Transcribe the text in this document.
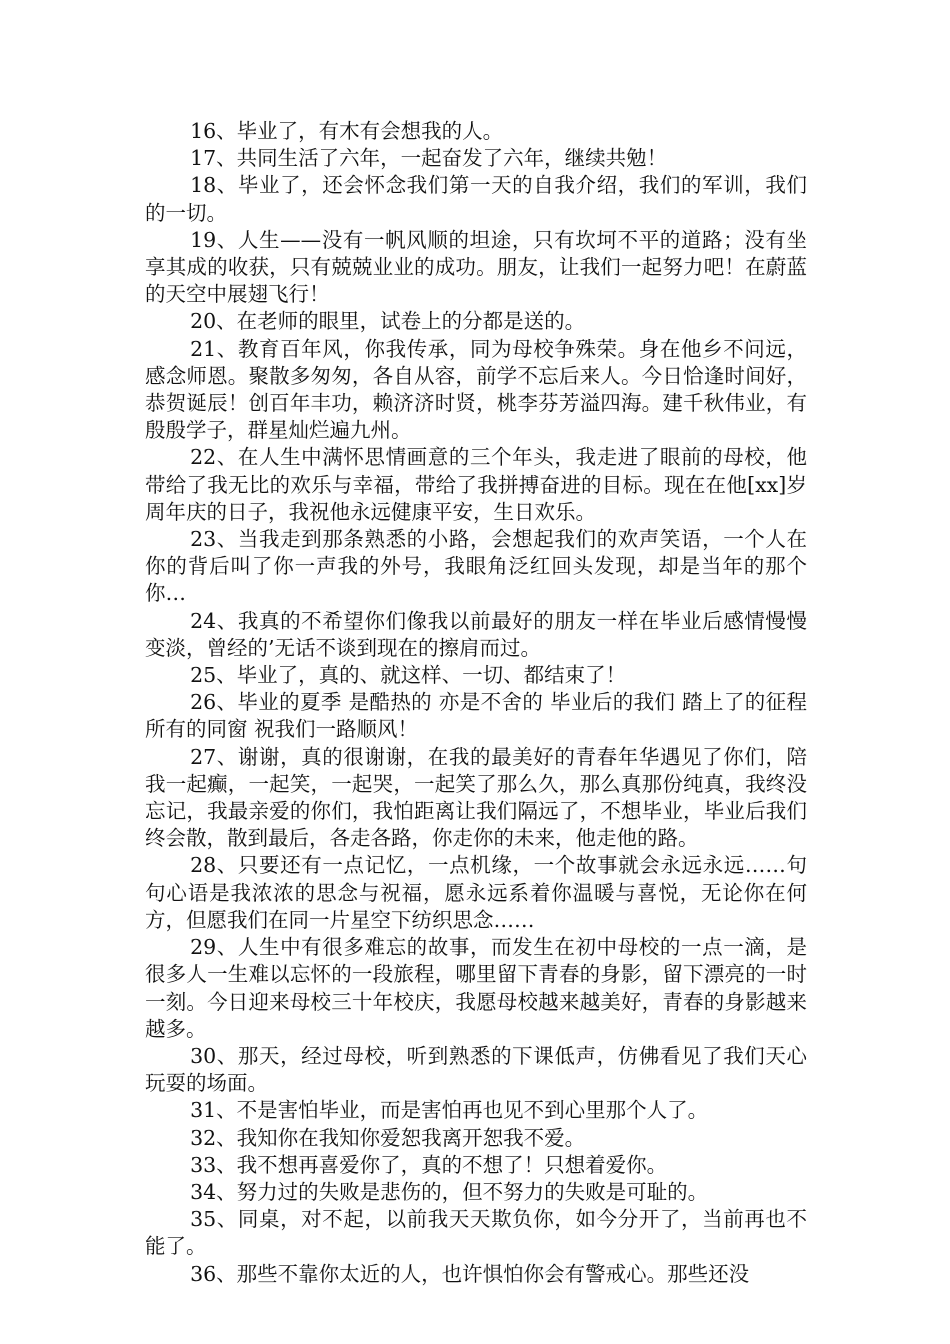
16、毕业了，有木有会想我的人。

17、共同生活了六年，一起奋发了六年，继续共勉！

18、毕业了，还会怀念我们第一天的自我介绍，我们的军训，我们的一切。

19、人生——没有一帆风顺的坦途，只有坎坷不平的道路；没有坐享其成的收获，只有兢兢业业的成功。朋友，让我们一起努力吧！在蔚蓝的天空中展翅飞行！

20、在老师的眼里，试卷上的分都是送的。

21、教育百年风，你我传承，同为母校争殊荣。身在他乡不问远，感念师恩。聚散多匆匆，各自从容，前学不忘后来人。今日恰逢时间好，恭贺诞辰！创百年丰功，赖济济时贤，桃李芬芳溢四海。建千秋伟业，有殷殷学子，群星灿烂遍九州。

22、在人生中满怀思情画意的三个年头，我走进了眼前的母校，他带给了我无比的欢乐与幸福，带给了我拼搏奋进的目标。现在在他[xx]岁周年庆的日子，我祝他永远健康平安，生日欢乐。

23、当我走到那条熟悉的小路，会想起我们的欢声笑语，一个人在你的背后叫了你一声我的外号，我眼角泛红回头发现，却是当年的那个你…

24、我真的不希望你们像我以前最好的朋友一样在毕业后感情慢慢变淡，曾经的’无话不谈到现在的擦肩而过。

25、毕业了，真的、就这样、一切、都结束了！

26、毕业的夏季 是酷热的 亦是不舍的 毕业后的我们 踏上了的征程 所有的同窗 祝我们一路顺风！

27、谢谢，真的很谢谢，在我的最美好的青春年华遇见了你们，陪我一起癫，一起笑，一起哭，一起笑了那么久，那么真那份纯真，我终没忘记，我最亲爱的你们，我怕距离让我们隔远了，不想毕业，毕业后我们终会散，散到最后，各走各路，你走你的未来，他走他的路。

28、只要还有一点记忆，一点机缘，一个故事就会永远永远……句句心语是我浓浓的思念与祝福，愿永远系着你温暖与喜悦，无论你在何方，但愿我们在同一片星空下纺织思念……

29、人生中有很多难忘的故事，而发生在初中母校的一点一滴，是很多人一生难以忘怀的一段旅程，哪里留下青春的身影，留下漂亮的一时一刻。今日迎来母校三十年校庆，我愿母校越来越美好，青春的身影越来越多。

30、那天，经过母校，听到熟悉的下课低声，仿佛看见了我们天心玩耍的场面。

31、不是害怕毕业，而是害怕再也见不到心里那个人了。

32、我知你在我知你爱恕我离开恕我不爱。

33、我不想再喜爱你了，真的不想了！只想着爱你。

34、努力过的失败是悲伤的，但不努力的失败是可耻的。

35、同桌，对不起，以前我天天欺负你，如今分开了，当前再也不能了。

36、那些不靠你太近的人，也许惧怕你会有警戒心。那些还没
